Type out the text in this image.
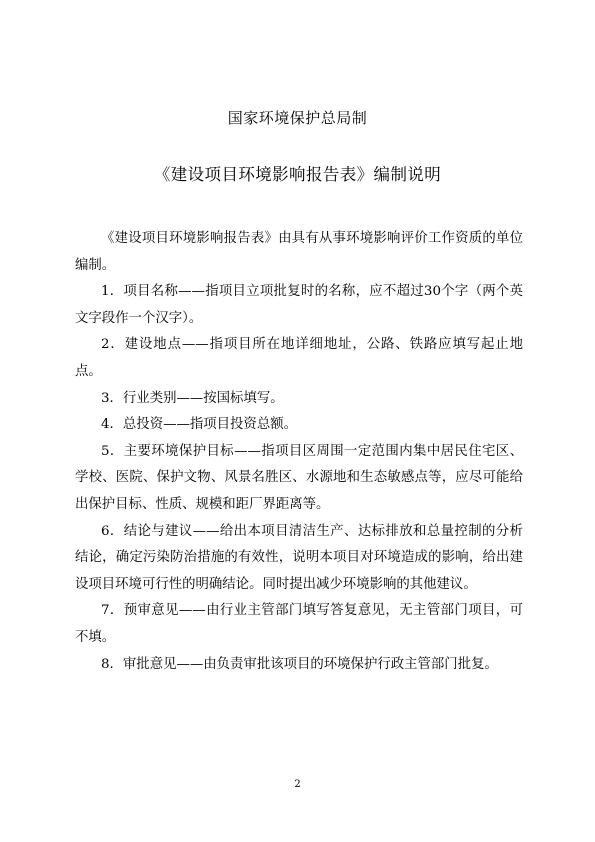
国家环境保护总局制
《建设项目环境影响报告表》编制说明

《建设项目环境影响报告表》由具有从事环境影响评价工作资质的单位编制。

1．项目名称——指项目立项批复时的名称，应不超过30个字（两个英文字段作一个汉字）。

2．建设地点——指项目所在地详细地址，公路、铁路应填写起止地点。

3．行业类别——按国标填写。

4．总投资——指项目投资总额。

5．主要环境保护目标——指项目区周围一定范围内集中居民住宅区、学校、医院、保护文物、风景名胜区、水源地和生态敏感点等，应尽可能给出保护目标、性质、规模和距厂界距离等。

6．结论与建议——给出本项目清洁生产、达标排放和总量控制的分析结论，确定污染防治措施的有效性，说明本项目对环境造成的影响，给出建设项目环境可行性的明确结论。同时提出减少环境影响的其他建议。

7．预审意见——由行业主管部门填写答复意见，无主管部门项目，可不填。

8．审批意见——由负责审批该项目的环境保护行政主管部门批复。

2
